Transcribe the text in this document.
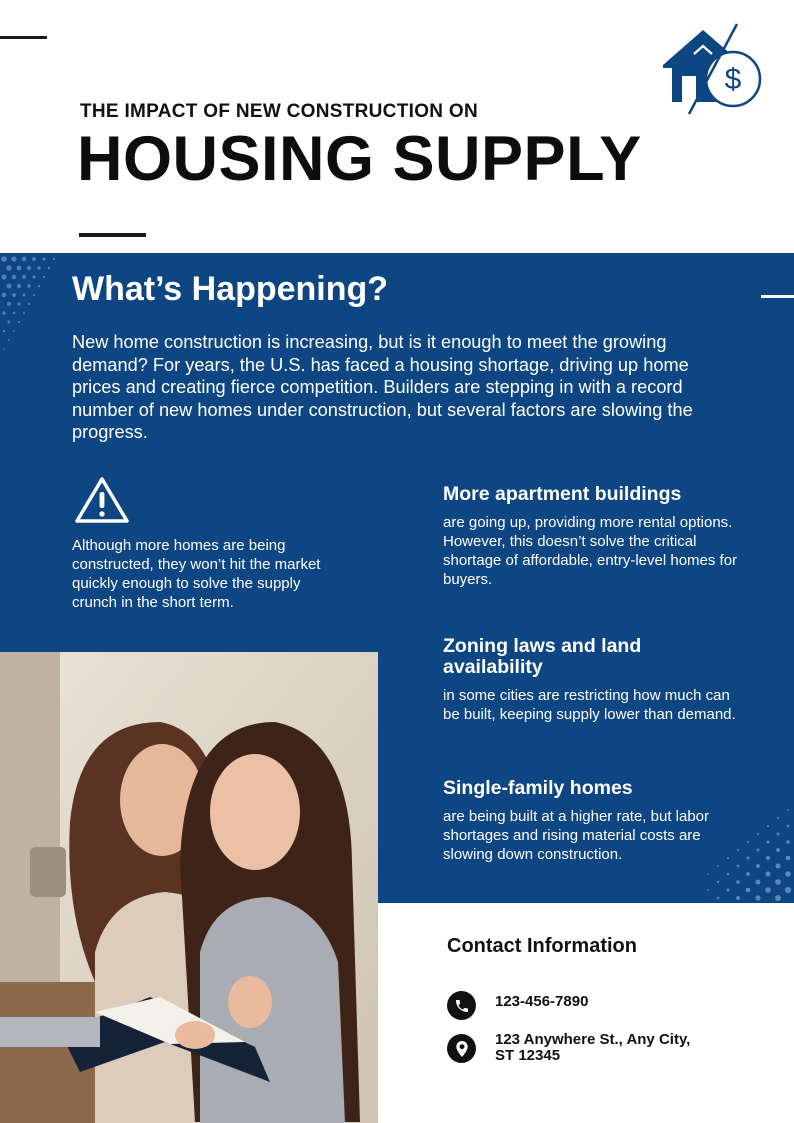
$
THE IMPACT OF NEW CONSTRUCTION ON
HOUSING SUPPLY
What’s Happening?
New home construction is increasing, but is it enough to meet the growing demand? For years, the U.S. has faced a housing shortage, driving up home prices and creating fierce competition. Builders are stepping in with a record number of new homes under construction, but several factors are slowing the progress.
Although more homes are being constructed, they won’t hit the market quickly enough to solve the supply crunch in the short term.
More apartment buildings

are going up, providing more rental options. However, this doesn’t solve the critical shortage of affordable, entry-level homes for buyers.

Zoning laws and land availability

in some cities are restricting how much can be built, keeping supply lower than demand.

Single-family homes

are being built at a higher rate, but labor shortages and rising material costs are slowing down construction.

Contact Information
123-456-7890
123 Anywhere St., Any City, ST 12345
